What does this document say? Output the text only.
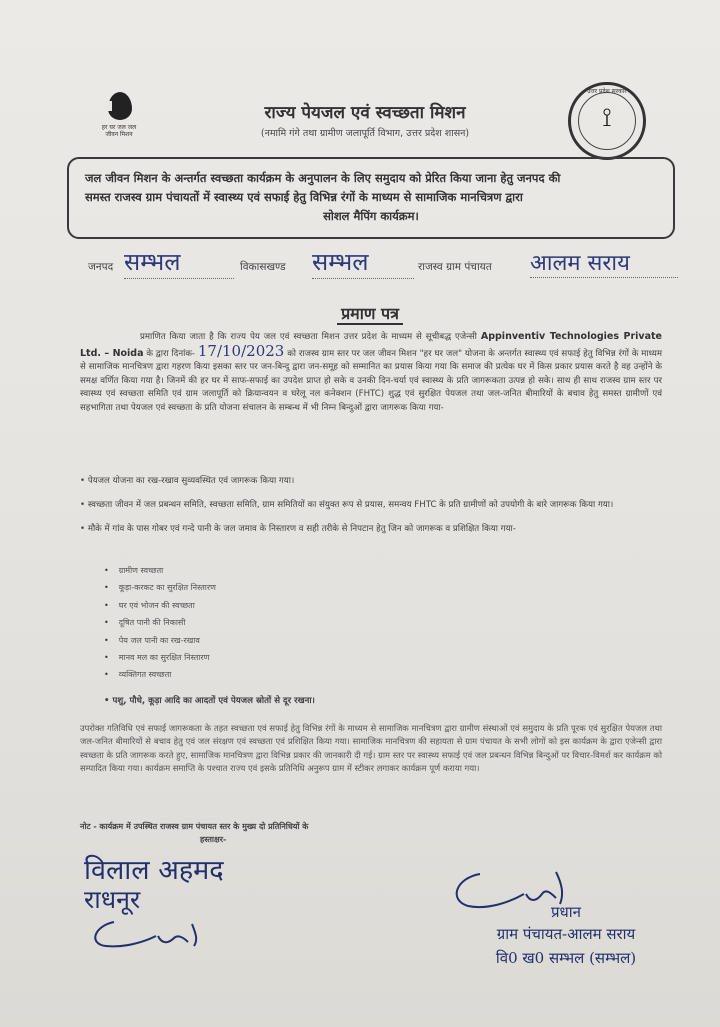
हर घर जल जल जीवन मिशन
राज्य पेयजल एवं स्वच्छता मिशन
(नमामि गंगे तथा ग्रामीण जलापूर्ति विभाग, उत्तर प्रदेश शासन)
उत्तर प्रदेश सरकार
⟟
जल जीवन मिशन के अन्तर्गत स्वच्छता कार्यक्रम के अनुपालन के लिए समुदाय को प्रेरित किया जाना हेतु जनपद की
समस्त राजस्व ग्राम पंचायतों में स्वास्थ्य एवं सफाई हेतु विभिन्न रंगों के माध्यम से सामाजिक मानचित्रण द्वारा
सोशल मैपिंग कार्यक्रम।
जनपद सम्भल	विकासखण्ड सम्भल	राजस्व ग्राम पंचायत आलम सराय
प्रमाण पत्र
प्रमाणित किया जाता है कि राज्य पेय जल एवं स्वच्छता मिशन उत्तर प्रदेश के माध्यम से सूचीबद्ध एजेन्सी Appinventiv Technologies Private Ltd. – Noida के द्वारा दिनांक- 17/10/2023 को राजस्व ग्राम स्तर पर जल जीवन मिशन "हर घर जल" योजना के अन्तर्गत स्वास्थ्य एवं सफाई हेतु विभिन्न रंगों के माध्यम से सामाजिक मानचित्रण द्वारा गहरण किया इसका स्तर पर जन-बिन्दु द्वारा जन-समूह को सम्मानित का प्रयास किया गया कि समाज की प्रत्येक घर में किस प्रकार प्रयास करते है वह उन्होंने के समक्ष वर्णित किया गया है। जिनमें की हर घर में साफ-सफाई का उपदेश प्राप्त हो सके व उनकी दिन-चर्या एवं स्वास्थ्य के प्रति जागरूकता उत्पन्न हो सके। साथ ही साथ राजस्व ग्राम स्तर पर स्वास्थ्य एवं स्वच्छता समिति एवं ग्राम जलापूर्ति को क्रियान्वयन व घरेलू नल कनेक्शन (FHTC) शुद्ध एवं सुरक्षित पेयजल तथा जल-जनित बीमारियों के बचाव हेतु समस्त ग्रामीणों एवं सहभागिता तथा पेयजल एवं स्वच्छता के प्रति योजना संचालन के सम्बन्ध में भी निम्न बिन्दुओं द्वारा जागरूक किया गया-
• पेयजल योजना का रख-रखाव सुव्यवस्थित एवं जागरूक किया गया।
• स्वच्छता जीवन में जल प्रबन्धन समिति, स्वच्छता समिति, ग्राम समितियों का संयुक्त रूप से प्रयास, समन्वय FHTC के प्रति ग्रामीणों को उपयोगी के बारे जागरूक किया गया।
• मौके में गांव के पास गोबर एवं गन्दे पानी के जल जमाव के निस्तारण व सही तरीके से निपटान हेतु जिन को जागरूक व प्रशिक्षित किया गया-
• ग्रामीण स्वच्छता
• कूड़ा-करकट का सुरक्षित निस्तारण
• घर एवं भोजन की स्वच्छता
• दूषित पानी की निकासी
• पेय जल पानी का रख-रखाव
• मानव मल का सुरक्षित निस्तारण
• व्यक्तिगत स्वच्छता
• पशु, पौधे, कूड़ा आदि का आदतों एवं पेयजल स्रोतों से दूर रखना।
उपरोक्त गतिविधि एवं सफाई जागरूकता के तहत स्वच्छता एवं सफाई हेतु विभिन्न रंगों के माध्यम से सामाजिक मानचित्रण द्वारा ग्रामीण संस्थाओं एवं समुदाय के प्रति पूरक एवं सुरक्षित पेयजल तथा जल-जनित बीमारियों से बचाव हेतु एवं जल संरक्षण एवं स्वच्छता एवं प्रशिक्षित किया गया। सामाजिक मानचित्रण की सहायता से ग्राम पंचायत के सभी लोगों को इस कार्यक्रम के द्वारा एजेन्सी द्वारा स्वच्छता के प्रति जागरूक करते हुए, सामाजिक मानचित्रण द्वारा विभिन्न प्रकार की जानकारी दी गई। ग्राम स्तर पर स्वास्थ्य सफाई एवं जल प्रबन्धन विभिन्न बिन्दुओं पर विचार-विमर्श कर कार्यक्रम को सम्पादित किया गया। कार्यक्रम समाप्ति के पश्चात राज्य एवं इसके प्रतिनिधि अनुरूप ग्राम में स्टीकर लगाकर कार्यक्रम पूर्ण कराया गया।
नोट - कार्यक्रम में उपस्थित राजस्व ग्राम पंचायत स्तर के मुख्य दो प्रतिनिधियों के
हस्ताक्षर-
विलाल अहमद
राधनूर	प्रधान
ग्राम पंचायत-आलम सराय
वि0 ख0 सम्भल (सम्भल)
